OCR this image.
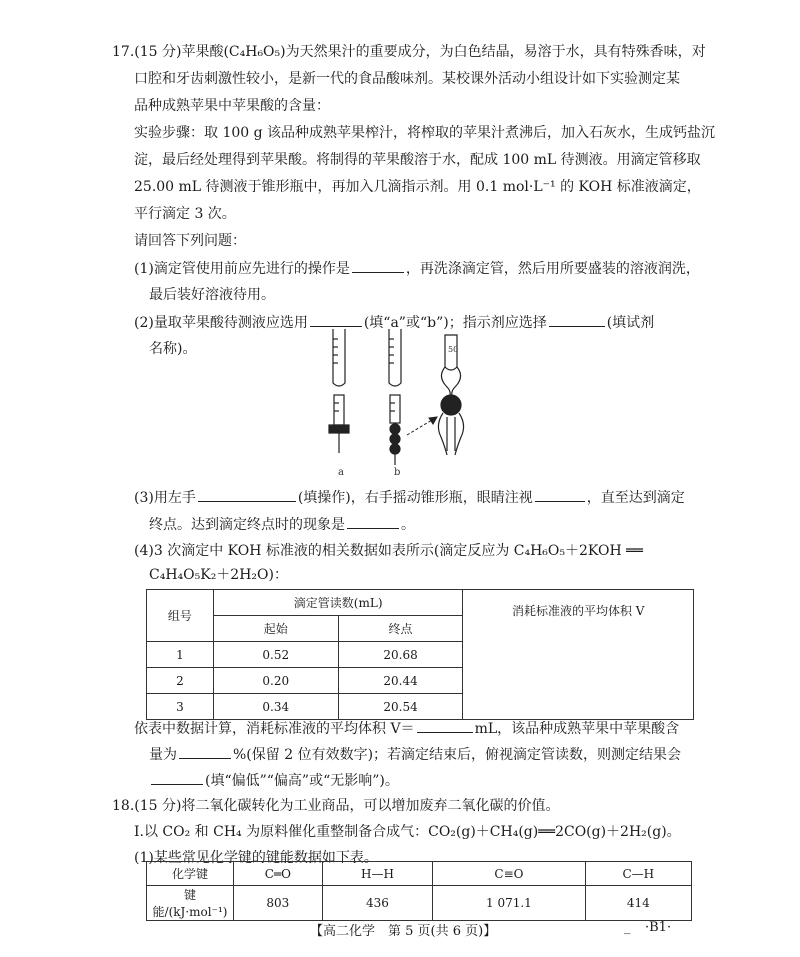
17.(15 分)苹果酸(C₄H₆O₅)为天然果汁的重要成分，为白色结晶，易溶于水，具有特殊香味，对
口腔和牙齿刺激性较小，是新一代的食品酸味剂。某校课外活动小组设计如下实验测定某
品种成熟苹果中苹果酸的含量：
实验步骤：取 100 g 该品种成熟苹果榨汁，将榨取的苹果汁煮沸后，加入石灰水，生成钙盐沉
淀，最后经处理得到苹果酸。将制得的苹果酸溶于水，配成 100 mL 待测液。用滴定管移取
25.00 mL 待测液于锥形瓶中，再加入几滴指示剂。用 0.1 mol·L⁻¹ 的 KOH 标准液滴定，
平行滴定 3 次。
请回答下列问题：
(1)滴定管使用前应先进行的操作是	，再洗涤滴定管，然后用所要盛装的溶液润洗，
最后装好溶液待用。
(2)量取苹果酸待测液应选用	(填“a”或“b”)；指示剂应选择	(填试剂
名称)。
a	b
50
(3)用左手	(填操作)，右手摇动锥形瓶，眼睛注视	，直至达到滴定
终点。达到滴定终点时的现象是	。
(4)3 次滴定中 KOH 标准液的相关数据如表所示(滴定反应为 C₄H₆O₅＋2KOH ══
C₄H₄O₅K₂＋2H₂O)：
组号	滴定管读数(mL)		消耗标准液的平均体积 V
	起始	终点	
1	0.52	20.68	
2	0.20	20.44	
3	0.34	20.54	
依表中数据计算，消耗标准液的平均体积 V＝	mL，该品种成熟苹果中苹果酸含
量为	%(保留 2 位有效数字)；若滴定结束后，俯视滴定管读数，则测定结果会
(填“偏低”“偏高”或“无影响”)。
18.(15 分)将二氧化碳转化为工业商品，可以增加废弃二氧化碳的价值。
Ⅰ.以 CO₂ 和 CH₄ 为原料催化重整制备合成气：CO₂(g)＋CH₄(g)══2CO(g)＋2H₂(g)。
(1)某些常见化学键的键能数据如下表。
化学键	C═O	H—H	C≡O	C—H
键能/(kJ·mol⁻¹)	803	436	1 071.1	414
【高二化学　第 5 页(共 6 页)】	_ ·B1·
